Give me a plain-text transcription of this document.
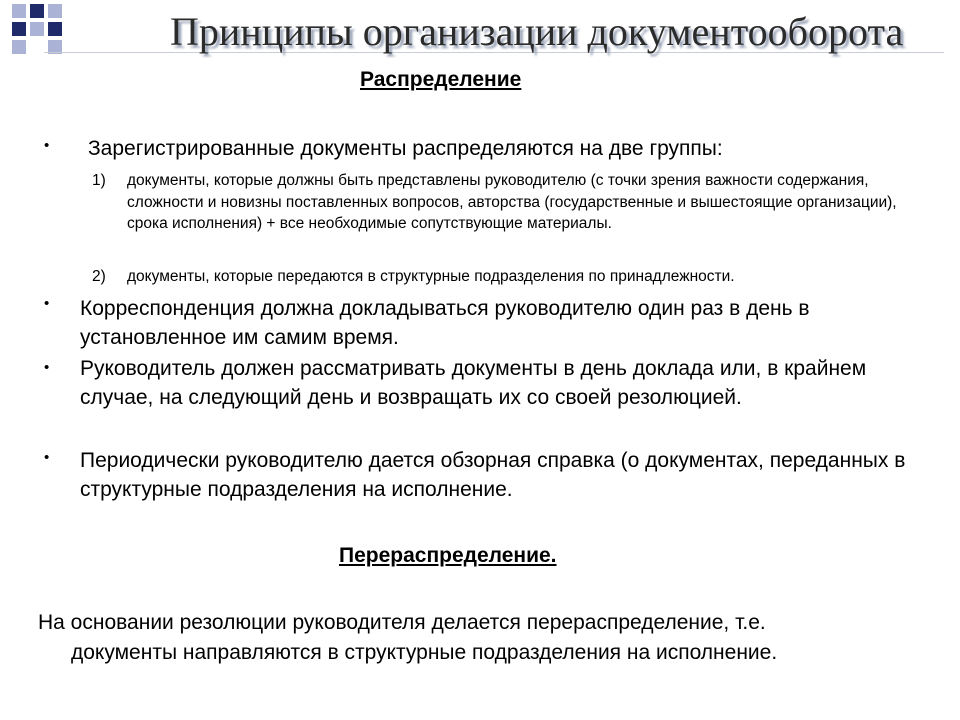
Принципы организации документооборота
Распределение
• Зарегистрированные документы распределяются на две группы:
1) документы, которые должны быть представлены руководителю (с точки зрения важности содержания, сложности и новизны поставленных вопросов, авторства (государственные и вышестоящие организации), срока исполнения) + все необходимые сопутствующие материалы.
2) документы, которые передаются в структурные подразделения по принадлежности.
• Корреспонденция должна докладываться руководителю один раз в день в установленное им самим время.
• Руководитель должен рассматривать документы в день доклада или, в крайнем случае, на следующий день и возвращать их со своей резолюцией.
• Периодически руководителю дается обзорная справка (о документах, переданных в структурные подразделения на исполнение.
Перераспределение.
На основании резолюции руководителя делается перераспределение, т.е.
документы направляются в структурные подразделения на исполнение.
